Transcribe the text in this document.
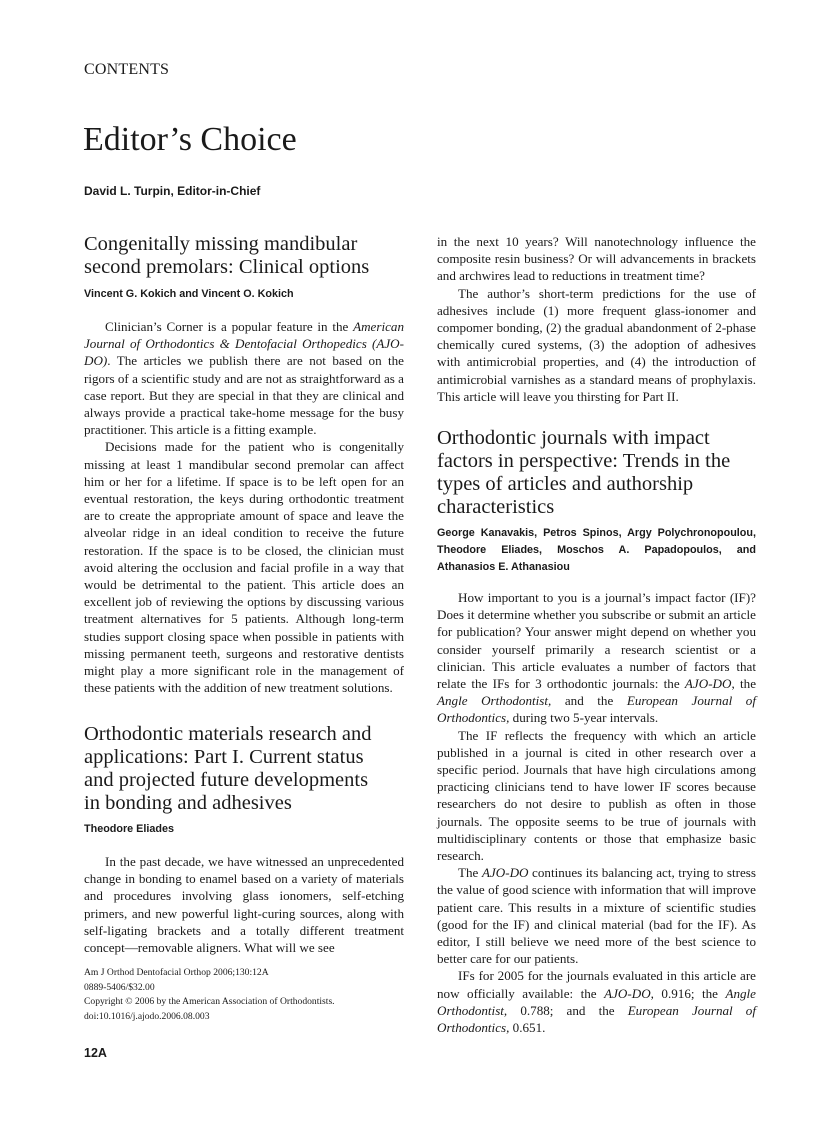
CONTENTS
Editor’s Choice
David L. Turpin, Editor-in-Chief
Congenitally missing mandibular
second premolars: Clinical options
Vincent G. Kokich and Vincent O. Kokich

Clinician’s Corner is a popular feature in the American Journal of Orthodontics & Dentofacial Orthopedics (AJO-DO). The articles we publish there are not based on the rigors of a scientific study and are not as straightforward as a case report. But they are special in that they are clinical and always provide a practical take-home message for the busy practitioner. This article is a fitting example.

Decisions made for the patient who is congenitally missing at least 1 mandibular second premolar can affect him or her for a lifetime. If space is to be left open for an eventual restoration, the keys during orthodontic treatment are to create the appropriate amount of space and leave the alveolar ridge in an ideal condition to receive the future restoration. If the space is to be closed, the clinician must avoid altering the occlusion and facial profile in a way that would be detrimental to the patient. This article does an excellent job of reviewing the options by discussing various treatment alternatives for 5 patients. Although long-term studies support closing space when possible in patients with missing permanent teeth, surgeons and restorative dentists might play a more significant role in the management of these patients with the addition of new treatment solutions.

Orthodontic materials research and
applications: Part I. Current status
and projected future developments
in bonding and adhesives
Theodore Eliades

In the past decade, we have witnessed an unprecedented change in bonding to enamel based on a variety of materials and procedures involving glass ionomers, self-etching primers, and new powerful light-curing sources, along with self-ligating brackets and a totally different treatment concept—removable aligners. What will we see

in the next 10 years? Will nanotechnology influence the composite resin business? Or will advancements in brackets and archwires lead to reductions in treatment time?

The author’s short-term predictions for the use of adhesives include (1) more frequent glass-ionomer and compomer bonding, (2) the gradual abandonment of 2-phase chemically cured systems, (3) the adoption of adhesives with antimicrobial properties, and (4) the introduction of antimicrobial varnishes as a standard means of prophylaxis. This article will leave you thirsting for Part II.

Orthodontic journals with impact
factors in perspective: Trends in the
types of articles and authorship
characteristics
George Kanavakis, Petros Spinos, Argy Polychronopoulou, Theodore Eliades, Moschos A. Papadopoulos, and Athanasios E. Athanasiou

How important to you is a journal’s impact factor (IF)? Does it determine whether you subscribe or submit an article for publication? Your answer might depend on whether you consider yourself primarily a research scientist or a clinician. This article evaluates a number of factors that relate the IFs for 3 orthodontic journals: the AJO-DO, the Angle Orthodontist, and the European Journal of Orthodontics, during two 5-year intervals.

The IF reflects the frequency with which an article published in a journal is cited in other research over a specific period. Journals that have high circulations among practicing clinicians tend to have lower IF scores because researchers do not desire to publish as often in those journals. The opposite seems to be true of journals with multidisciplinary contents or those that emphasize basic research.

The AJO-DO continues its balancing act, trying to stress the value of good science with information that will improve patient care. This results in a mixture of scientific studies (good for the IF) and clinical material (bad for the IF). As editor, I still believe we need more of the best science to better care for our patients.

IFs for 2005 for the journals evaluated in this article are now officially available: the AJO-DO, 0.916; the Angle Orthodontist, 0.788; and the European Journal of Orthodontics, 0.651.

Am J Orthod Dentofacial Orthop 2006;130:12A
0889-5406/$32.00
Copyright © 2006 by the American Association of Orthodontists.
doi:10.1016/j.ajodo.2006.08.003
12A
